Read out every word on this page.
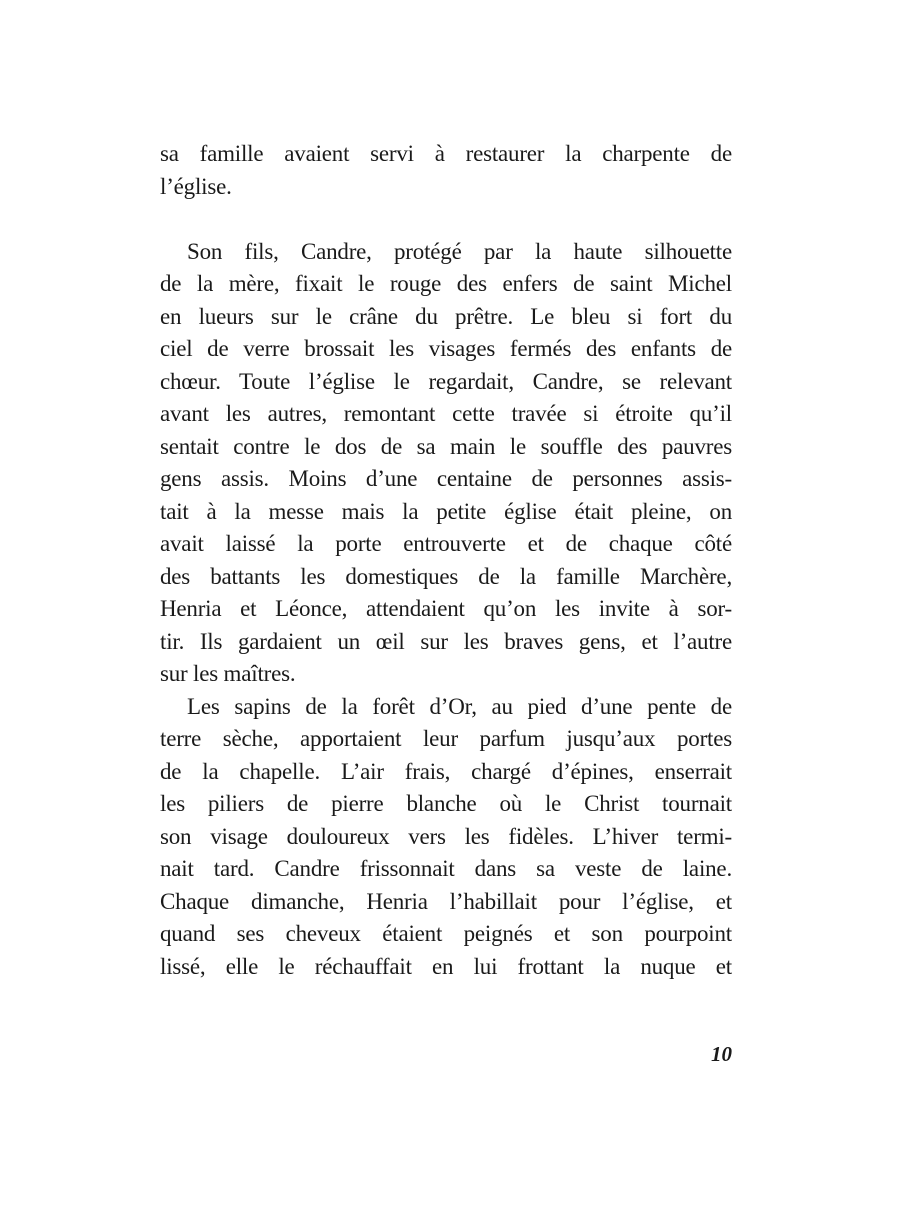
sa famille avaient servi à restaurer la charpente de
l’église.
Son fils, Candre, protégé par la haute silhouette
de la mère, fixait le rouge des enfers de saint Michel
en lueurs sur le crâne du prêtre. Le bleu si fort du
ciel de verre brossait les visages fermés des enfants de
chœur. Toute l’église le regardait, Candre, se relevant
avant les autres, remontant cette travée si étroite qu’il
sentait contre le dos de sa main le souffle des pauvres
gens assis. Moins d’une centaine de personnes assis-
tait à la messe mais la petite église était pleine, on
avait laissé la porte entrouverte et de chaque côté
des battants les domestiques de la famille Marchère,
Henria et Léonce, attendaient qu’on les invite à sor-
tir. Ils gardaient un œil sur les braves gens, et l’autre
sur les maîtres.
Les sapins de la forêt d’Or, au pied d’une pente de
terre sèche, apportaient leur parfum jusqu’aux portes
de la chapelle. L’air frais, chargé d’épines, enserrait
les piliers de pierre blanche où le Christ tournait
son visage douloureux vers les fidèles. L’hiver termi-
nait tard. Candre frissonnait dans sa veste de laine.
Chaque dimanche, Henria l’habillait pour l’église, et
quand ses cheveux étaient peignés et son pourpoint
lissé, elle le réchauffait en lui frottant la nuque et
10
